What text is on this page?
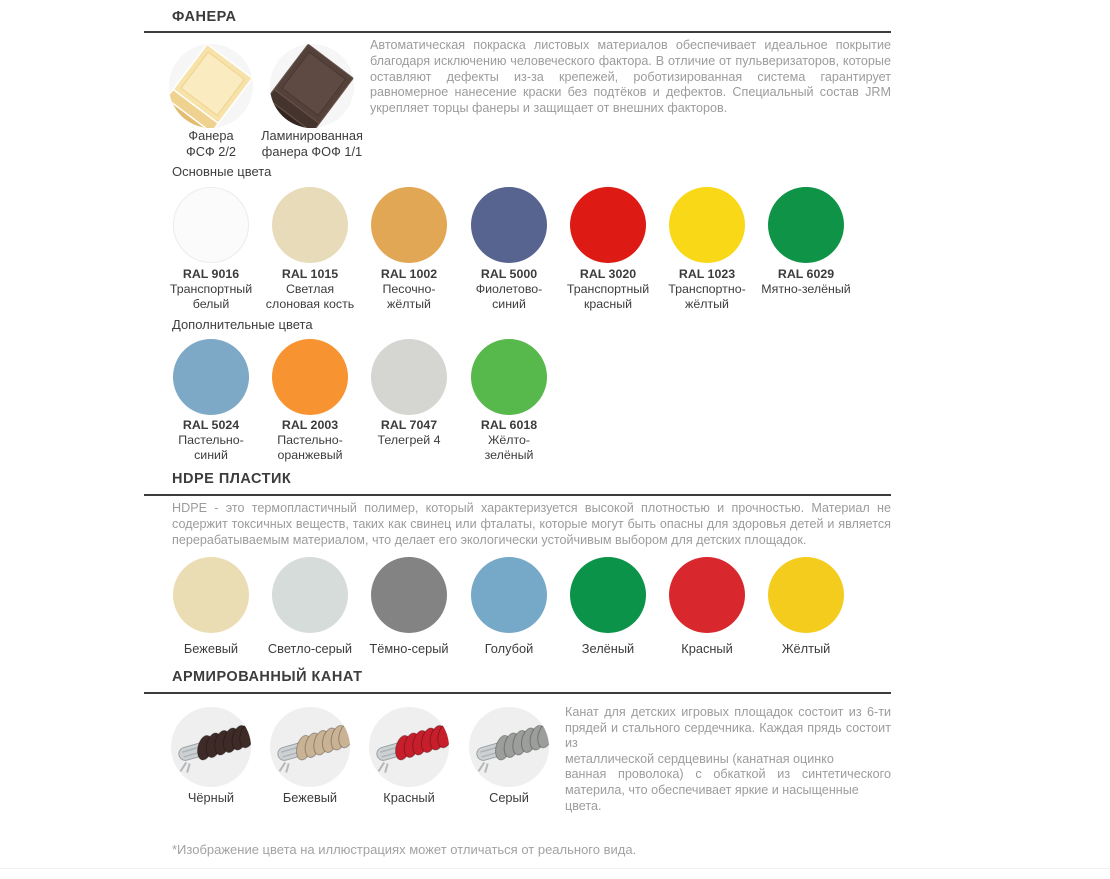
ФАНЕРА
Фанера
ФСФ 2/2
Ламинированная
фанера ФОФ 1/1
Автоматическая покраска листовых материалов обеспечивает идеальное покрытие благодаря исключению человеческого фактора. В отличие от пульверизаторов, которые оставляют дефекты из-за крепежей, роботизированная система гарантирует равномерное нанесение краски без подтёков и дефектов. Специальный состав JRM укрепляет торцы фанеры и защищает от внешних факторов.
Основные цвета
RAL 9016
Транспортный
белый
RAL 1015
Светлая
слоновая кость
RAL 1002
Песочно-
жёлтый
RAL 5000
Фиолетово-
синий
RAL 3020
Транспортный
красный
RAL 1023
Транспортно-
жёлтый
RAL 6029
Мятно-зелёный
Дополнительные цвета
RAL 5024
Пастельно-
синий
RAL 2003
Пастельно-
оранжевый
RAL 7047
Телегрей 4
RAL 6018
Жёлто-
зелёный
HDPE ПЛАСТИК
HDPE - это термопластичный полимер, который характеризуется высокой плотностью и прочностью. Материал не содержит токсичных веществ, таких как свинец или фталаты, которые могут быть опасны для здоровья детей и является перерабатываемым материалом, что делает его экологически устойчивым выбором для детских площадок.
Бежевый	Светло-серый	Тёмно-серый	Голубой	Зелёный	Красный	Жёлтый
АРМИРОВАННЫЙ КАНАТ
Чёрный	Бежевый	Красный	Серый
Канат для детских игровых площадок состоит из 6-ти
прядей и стального сердечника. Каждая прядь состоит из
металлической сердцевины (канатная оцинко
ванная проволока) с обкаткой из синтетического
материла, что обеспечивает яркие и насыщенные цвета.
*Изображение цвета на иллюстрациях может отличаться от реального вида.
